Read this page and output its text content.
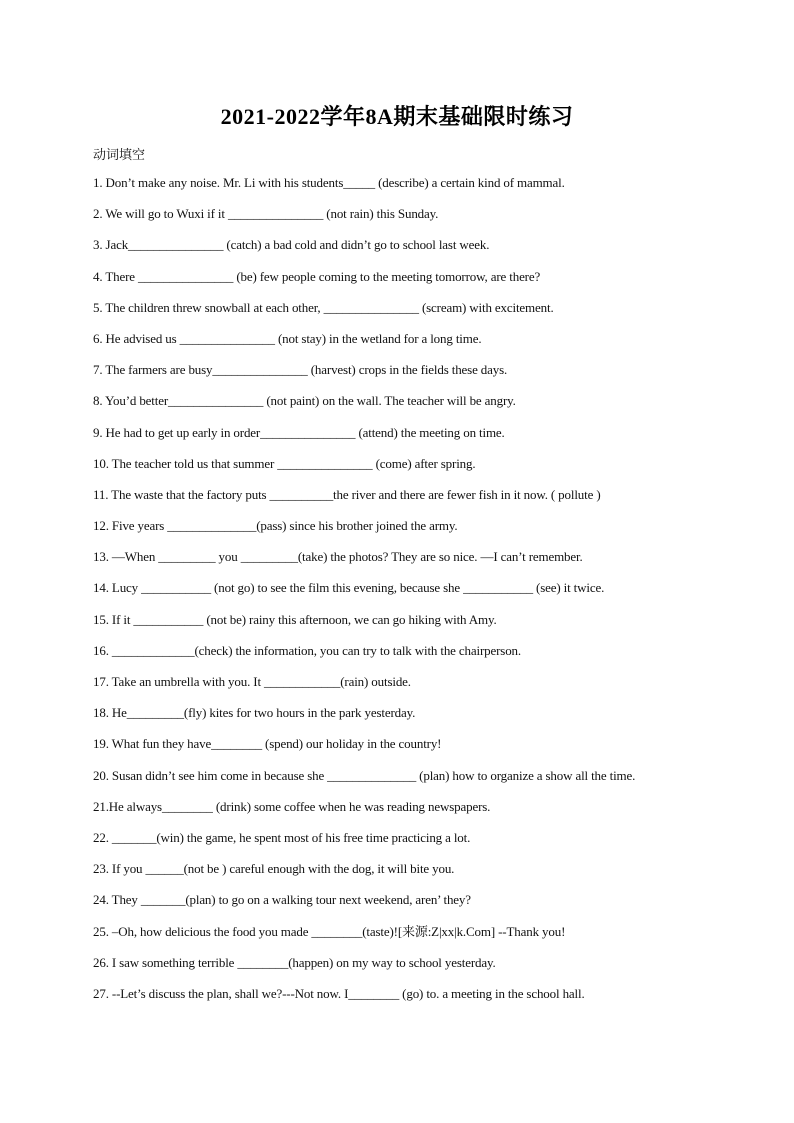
2021-2022学年8A期末基础限时练习
动词填空
1. Don’t make any noise. Mr. Li with his students_____ (describe) a certain kind of mammal.
2. We will go to Wuxi if it _______________ (not rain) this Sunday.
3. Jack_______________ (catch) a bad cold and didn’t go to school last week.
4. There _______________ (be) few people coming to the meeting tomorrow, are there?
5. The children threw snowball at each other, _______________ (scream) with excitement.
6. He advised us _______________ (not stay) in the wetland for a long time.
7. The farmers are busy_______________ (harvest) crops in the fields these days.
8. You’d better_______________ (not paint) on the wall. The teacher will be angry.
9. He had to get up early in order_______________ (attend) the meeting on time.
10. The teacher told us that summer _______________ (come) after spring.
11. The waste that the factory puts __________the river and there are fewer fish in it now. ( pollute )
12. Five years ______________(pass) since his brother joined the army.
13. —When _________ you _________(take) the photos? They are so nice. —I can’t remember.
14. Lucy ___________ (not go) to see the film this evening, because she ___________ (see) it twice.
15. If it ___________ (not be) rainy this afternoon, we can go hiking with Amy.
16. _____________(check) the information, you can try to talk with the chairperson.
17. Take an umbrella with you. It ____________(rain) outside.
18. He_________(fly) kites for two hours in the park yesterday.
19. What fun they have________ (spend) our holiday in the country!
20. Susan didn’t see him come in because she ______________ (plan) how to organize a show all the time.
21.He always________ (drink) some coffee when he was reading newspapers.
22. _______(win) the game, he spent most of his free time practicing a lot.
23. If you ______(not be ) careful enough with the dog, it will bite you.
24. They _______(plan) to go on a walking tour next weekend, aren’ they?
25. –Oh, how delicious the food you made ________(taste)![来源:Z|xx|k.Com] --Thank you!
26. I saw something terrible ________(happen) on my way to school yesterday.
27. --Let’s discuss the plan, shall we?---Not now. I________ (go) to. a meeting in the school hall.
